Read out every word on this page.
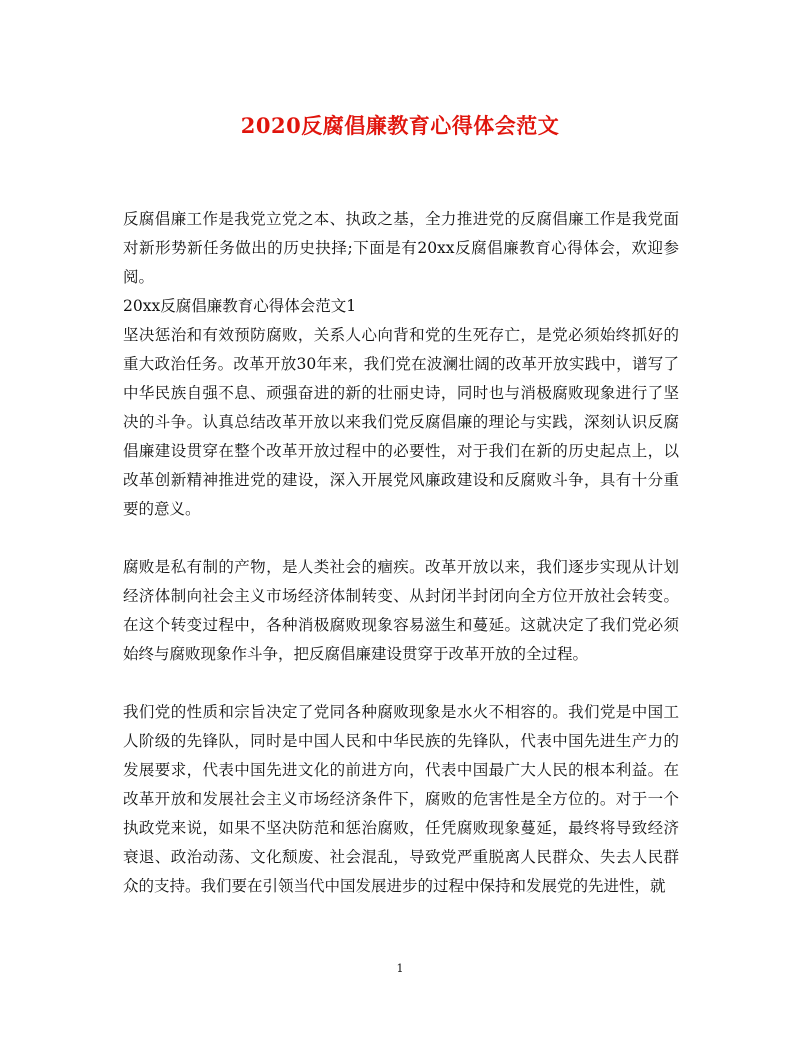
2020反腐倡廉教育心得体会范文

反腐倡廉工作是我党立党之本、执政之基，全力推进党的反腐倡廉工作是我党面对新形势新任务做出的历史抉择;下面是有20xx反腐倡廉教育心得体会，欢迎参阅。

20xx反腐倡廉教育心得体会范文1

坚决惩治和有效预防腐败，关系人心向背和党的生死存亡，是党必须始终抓好的重大政治任务。改革开放30年来，我们党在波澜壮阔的改革开放实践中，谱写了中华民族自强不息、顽强奋进的新的壮丽史诗，同时也与消极腐败现象进行了坚决的斗争。认真总结改革开放以来我们党反腐倡廉的理论与实践，深刻认识反腐倡廉建设贯穿在整个改革开放过程中的必要性，对于我们在新的历史起点上，以改革创新精神推进党的建设，深入开展党风廉政建设和反腐败斗争，具有十分重要的意义。

腐败是私有制的产物，是人类社会的痼疾。改革开放以来，我们逐步实现从计划经济体制向社会主义市场经济体制转变、从封闭半封闭向全方位开放社会转变。在这个转变过程中，各种消极腐败现象容易滋生和蔓延。这就决定了我们党必须始终与腐败现象作斗争，把反腐倡廉建设贯穿于改革开放的全过程。

我们党的性质和宗旨决定了党同各种腐败现象是水火不相容的。我们党是中国工人阶级的先锋队，同时是中国人民和中华民族的先锋队，代表中国先进生产力的发展要求，代表中国先进文化的前进方向，代表中国最广大人民的根本利益。在改革开放和发展社会主义市场经济条件下，腐败的危害性是全方位的。对于一个执政党来说，如果不坚决防范和惩治腐败，任凭腐败现象蔓延，最终将导致经济衰退、政治动荡、文化颓废、社会混乱，导致党严重脱离人民群众、失去人民群众的支持。我们要在引领当代中国发展进步的过程中保持和发展党的先进性，就

1
